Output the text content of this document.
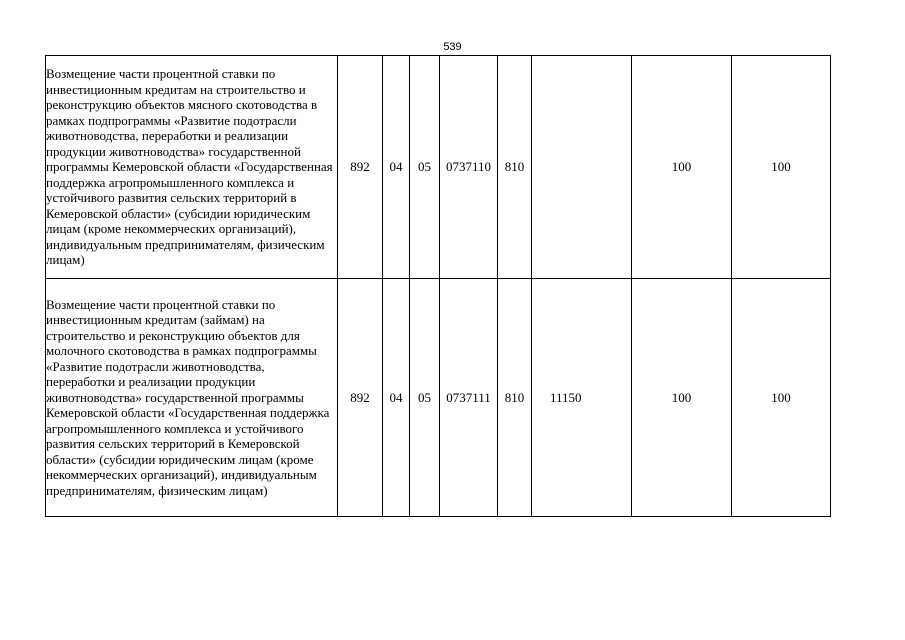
539
Возмещение части процентной ставки по инвестиционным кредитам на строительство и реконструкцию объектов мясного скотоводства в рамках подпрограммы «Развитие подотрасли животноводства, переработки и реализации продукции животноводства» государственной программы Кемеровской области «Государственная поддержка агропромышленного комплекса и устойчивого развития сельских территорий в Кемеровской области» (субсидии юридическим лицам (кроме некоммерческих организаций), индивидуальным предпринимателям, физическим лицам)	892	04	05	0737110	810		100	100
Возмещение части процентной ставки по инвестиционным кредитам (займам) на строительство и реконструкцию объектов для молочного скотоводства в рамках подпрограммы «Развитие подотрасли животноводства, переработки и реализации продукции животноводства» государственной программы Кемеровской области «Государственная поддержка агропромышленного комплекса и устойчивого развития сельских территорий в Кемеровской области» (субсидии юридическим лицам (кроме некоммерческих организаций), индивидуальным предпринимателям, физическим лицам)	892	04	05	0737111	810	11150	100	100
